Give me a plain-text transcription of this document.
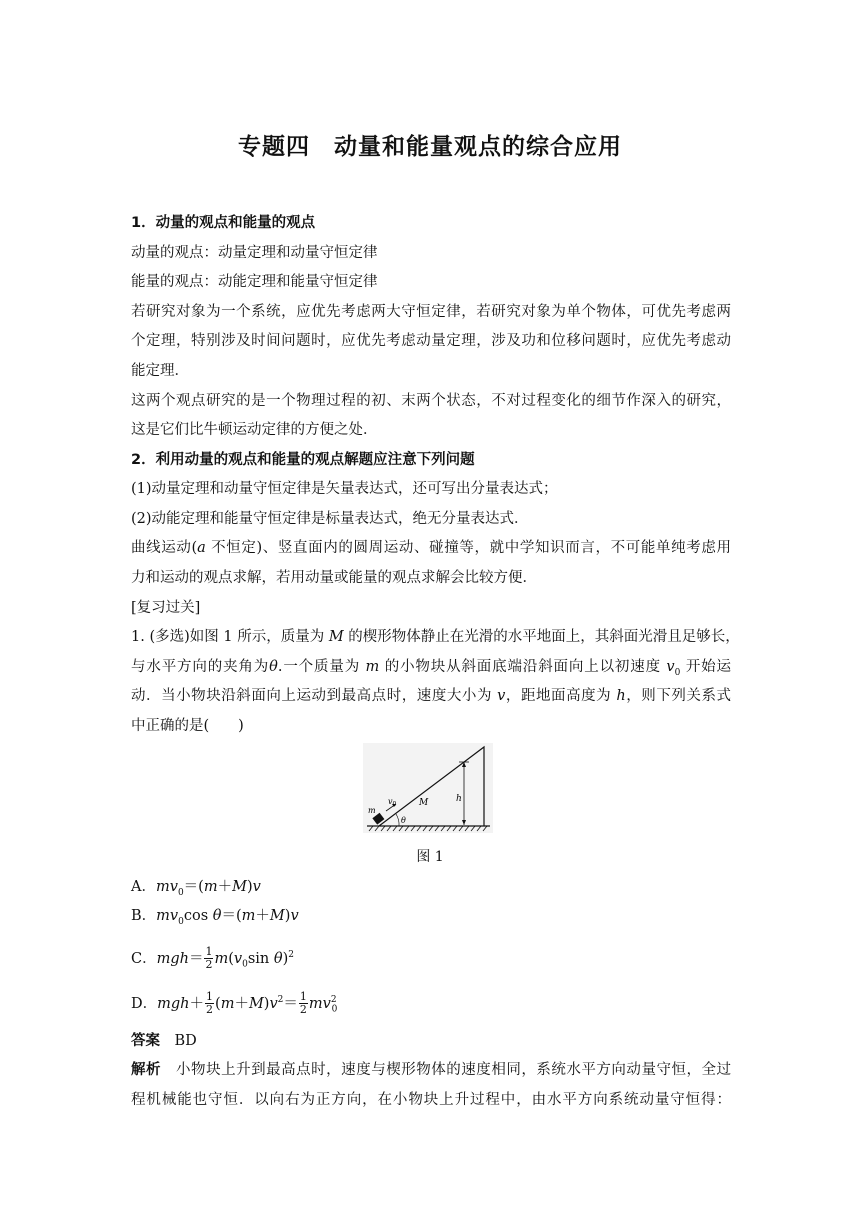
专题四　动量和能量观点的综合应用
1．动量的观点和能量的观点
动量的观点：动量定理和动量守恒定律
能量的观点：动能定理和能量守恒定律
若研究对象为一个系统，应优先考虑两大守恒定律，若研究对象为单个物体，可优先考虑两
个定理，特别涉及时间问题时，应优先考虑动量定理，涉及功和位移问题时，应优先考虑动
能定理．
这两个观点研究的是一个物理过程的初、末两个状态，不对过程变化的细节作深入的研究，
这是它们比牛顿运动定律的方便之处．
2．利用动量的观点和能量的观点解题应注意下列问题
(1)动量定理和动量守恒定律是矢量表达式，还可写出分量表达式；
(2)动能定理和能量守恒定律是标量表达式，绝无分量表达式．
曲线运动(a 不恒定)、竖直面内的圆周运动、碰撞等，就中学知识而言，不可能单纯考虑用
力和运动的观点求解，若用动量或能量的观点求解会比较方便．
[复习过关]
1. (多选)如图 1 所示，质量为 M 的楔形物体静止在光滑的水平地面上，其斜面光滑且足够长，
与水平方向的夹角为θ.一个质量为 m 的小物块从斜面底端沿斜面向上以初速度 $v_0$ 开始运
动．当小物块沿斜面向上运动到最高点时，速度大小为 v，距地面高度为 h，则下列关系式
中正确的是(　　)
m
$v_0$	M
θ
h
图 1
A．$mv_0=(m+M)v$
B．$mv_0\cos$ θ＝(m＋M)v
C．$mgh= \frac{1}{2} m(v_0\sin$ θ)$^2$
D．$mgh+ \frac{1}{2} (m+M)v^2= \frac{1}{2} mv^2_0$
答案　 BD
解析　 小物块上升到最高点时，速度与楔形物体的速度相同，系统水平方向动量守恒，全过
程机械能也守恒．以向右为正方向，在小物块上升过程中，由水平方向系统动量守恒得：
